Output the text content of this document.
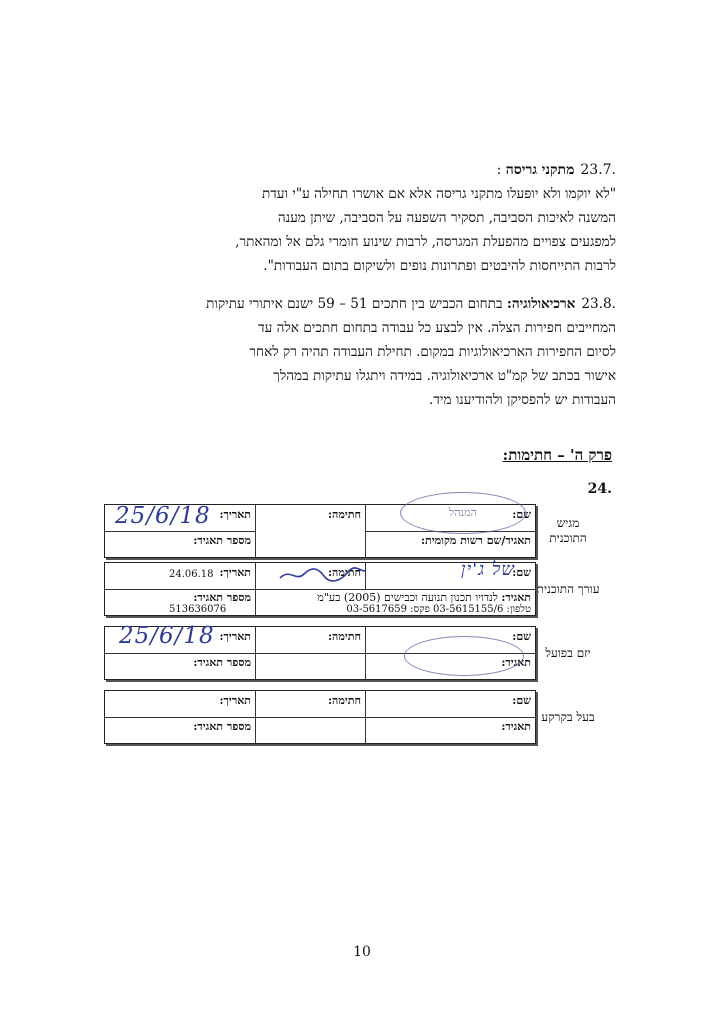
.23.7מתקני גריסה :
"לא יוקמו ולא יופעלו מתקני גריסה אלא אם אושרו תחילה ע"י ועדת
המשנה לאיכות הסביבה, תסקיר השפעה על הסביבה, שיתן מענה
למפגעים צפויים מהפעלת המגרסה, לרבות שינוע חומרי גלם אל ומהאתר,
לרבות התייחסות להיבטים ופתרונות נופים ולשיקום בתום העבודות".
.23.8ארכיאולוגיה: בתחום הכביש בין חתכים 51 – 59 ישנם איתורי עתיקות
המחייבים חפירות הצלה. אין לבצע כל עבודה בתחום חתכים אלה עד
לסיום החפירות הארכיאולוגיות במקום. תחילת העבודה תהיה רק לאחר
אישור בכתב של קמ"ט ארכיאולוגיה. במידה ויתגלו עתיקות במהלך
העבודות יש להפסיקן ולהודיענו מיד.
פרק ה' – חתימות:
.24
מגיש התוכנית
שם:
תאגיד/שם רשות מקומית:
חתימה:
תאריך:
מספר תאגיד:
25/6/18	המנהל
עורך התוכנית
שם:
חתימה:
תאריך:
24.06.18
תאגיד: לנדויו תכנון תנועה וכבישים (2005) בע"מ
טלפון: 03-5615155/6 פקס: 03-5617659
מספר תאגיד:
513636076
של ג'ין
יזם בפועל
שם:
תאגיד:
חתימה:
תאריך:
מספר תאגיד:
25/6/18
בעל בקרקע
שם:
תאגיד:
חתימה:
תאריך:
מספר תאגיד:
10
